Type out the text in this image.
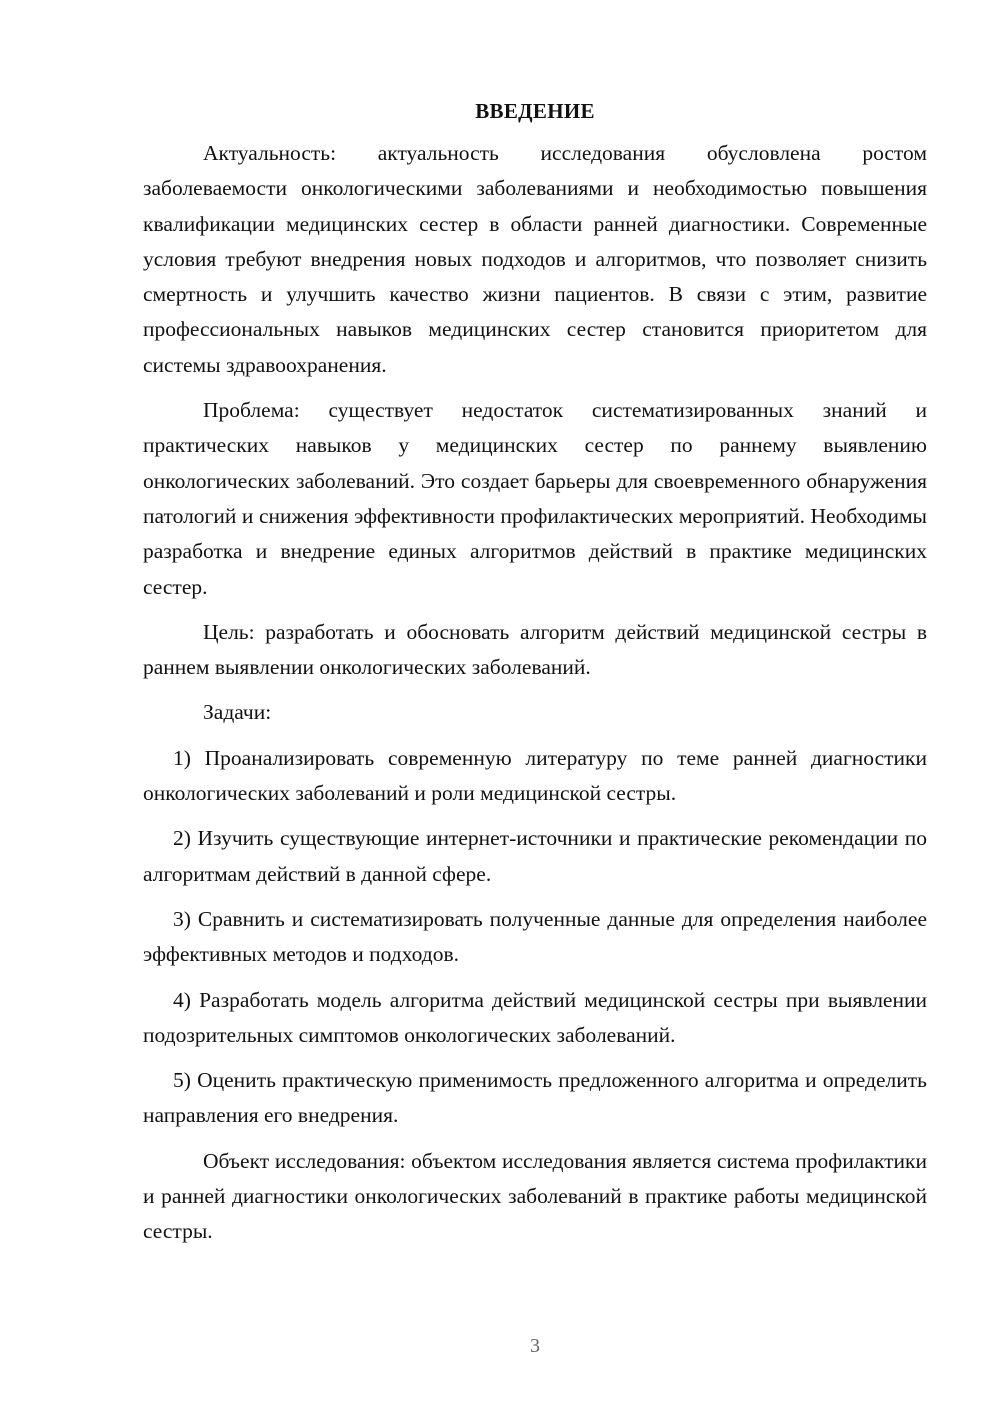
ВВЕДЕНИЕ

Актуальность: актуальность исследования обусловлена ростом заболеваемости онкологическими заболеваниями и необходимостью повышения квалификации медицинских сестер в области ранней диагностики. Современные условия требуют внедрения новых подходов и алгоритмов, что позволяет снизить смертность и улучшить качество жизни пациентов. В связи с этим, развитие профессиональных навыков медицинских сестер становится приоритетом для системы здравоохранения.

Проблема: существует недостаток систематизированных знаний и практических навыков у медицинских сестер по раннему выявлению онкологических заболеваний. Это создает барьеры для своевременного обнаружения патологий и снижения эффективности профилактических мероприятий. Необходимы разработка и внедрение единых алгоритмов действий в практике медицинских сестер.

Цель: разработать и обосновать алгоритм действий медицинской сестры в раннем выявлении онкологических заболеваний.

Задачи:

1) Проанализировать современную литературу по теме ранней диагностики онкологических заболеваний и роли медицинской сестры.

2) Изучить существующие интернет-источники и практические рекомендации по алгоритмам действий в данной сфере.

3) Сравнить и систематизировать полученные данные для определения наиболее эффективных методов и подходов.

4) Разработать модель алгоритма действий медицинской сестры при выявлении подозрительных симптомов онкологических заболеваний.

5) Оценить практическую применимость предложенного алгоритма и определить направления его внедрения.

Объект исследования: объектом исследования является система профилактики и ранней диагностики онкологических заболеваний в практике работы медицинской сестры.

3
